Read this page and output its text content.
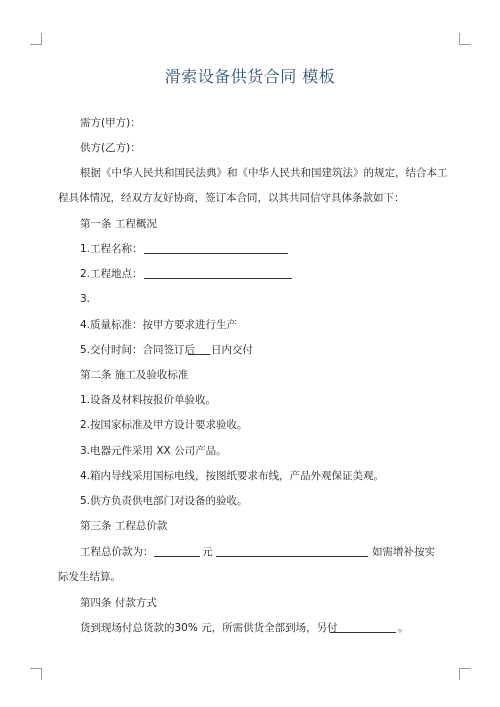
滑索设备供货合同 模板
需方(甲方)：
供方(乙方)：
根据《中华人民共和国民法典》和《中华人民共和国建筑法》的规定，结合本工
程具体情况，经双方友好协商，签订本合同，以其共同信守具体条款如下：
第一条 工程概况
1.工程名称：
2.工程地点：
3.
4.质量标准：按甲方要求进行生产
5.交付时间：合同签订后 日内交付
第二条 施工及验收标准
1.设备及材料按报价单验收。
2.按国家标准及甲方设计要求验收。
3.电器元件采用 XX 公司产品。
4.箱内导线采用国标电线，按图纸要求布线，产品外观保证美观。
5.供方负责供电部门对设备的验收。
第三条 工程总价款
工程总价款为：	元	如需增补按实
际发生结算。
第四条 付款方式
货到现场付总货款的30% 元，所需供货全部到场，另付	。
